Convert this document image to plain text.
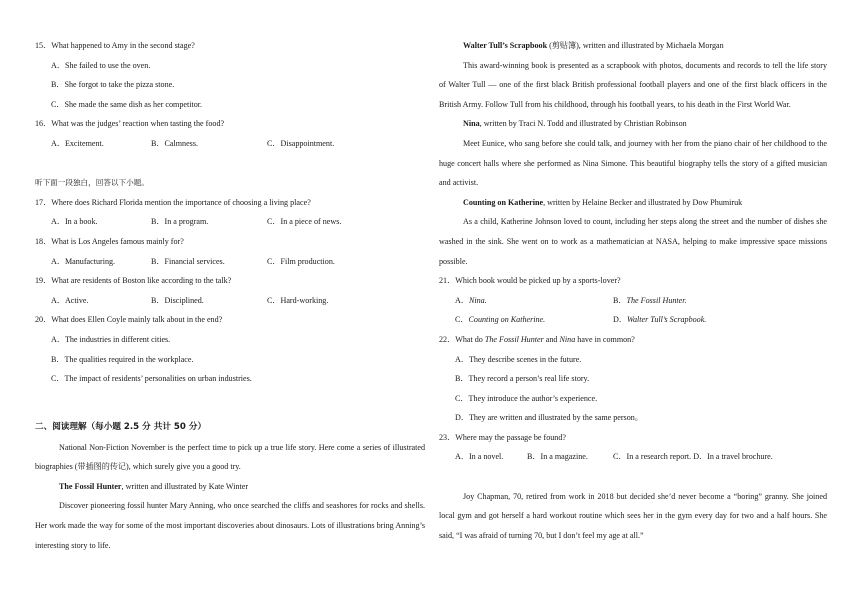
15．What happened to Amy in the second stage?
A．She failed to use the oven.
B．She forgot to take the pizza stone.
C．She made the same dish as her competitor.
16．What was the judges’ reaction when tasting the food?
A．Excitement.	B．Calmness.	C．Disappointment.
听下面一段独白，回答以下小题。
17．Where does Richard Florida mention the importance of choosing a living place?
A．In a book.	B．In a program.	C．In a piece of news.
18．What is Los Angeles famous mainly for?
A．Manufacturing.	B．Financial services.	C．Film production.
19．What are residents of Boston like according to the talk?
A．Active.	B．Disciplined.	C．Hard-working.
20．What does Ellen Coyle mainly talk about in the end?
A．The industries in different cities.
B．The qualities required in the workplace.
C．The impact of residents’ personalities on urban industries.
二、阅读理解（每小题 2.5 分 共计 50 分）
National Non-Fiction November is the perfect time to pick up a true life story. Here come a series of illustrated biographies (带插图的传记), which surely give you a good try.
The Fossil Hunter, written and illustrated by Kate Winter
Discover pioneering fossil hunter Mary Anning, who once searched the cliffs and seashores for rocks and shells. Her work made the way for some of the most important discoveries about dinosaurs. Lots of illustrations bring Anning’s interesting story to life.
Walter Tull’s Scrapbook (剪贴簿), written and illustrated by Michaela Morgan
This award-winning book is presented as a scrapbook with photos, documents and records to tell the life story of Walter Tull — one of the first black British professional football players and one of the first black officers in the British Army. Follow Tull from his childhood, through his football years, to his death in the First World War.
Nina, written by Traci N. Todd and illustrated by Christian Robinson
Meet Eunice, who sang before she could talk, and journey with her from the piano chair of her childhood to the huge concert halls where she performed as Nina Simone. This beautiful biography tells the story of a gifted musician and activist.
Counting on Katherine, written by Helaine Becker and illustrated by Dow Phumiruk
As a child, Katherine Johnson loved to count, including her steps along the street and the number of dishes she washed in the sink. She went on to work as a mathematician at NASA, helping to make impressive space missions possible.
21．Which book would be picked up by a sports-lover?
A．Nina.	B．The Fossil Hunter.
C．Counting on Katherine.	D．Walter Tull’s Scrapbook.
22．What do The Fossil Hunter and Nina have in common?
A．They describe scenes in the future.
B．They record a person’s real life story.
C．They introduce the author’s experience.
D．They are written and illustrated by the same person。
23．Where may the passage be found?
A．In a novel.	B．In a magazine.	C．In a research report. D．In a travel brochure.
Joy Chapman, 70, retired from work in 2018 but decided she’d never become a “boring” granny. She joined local gym and got herself a hard workout routine which sees her in the gym every day for two and a half hours. She said, “I was afraid of turning 70, but I don’t feel my age at all.”
